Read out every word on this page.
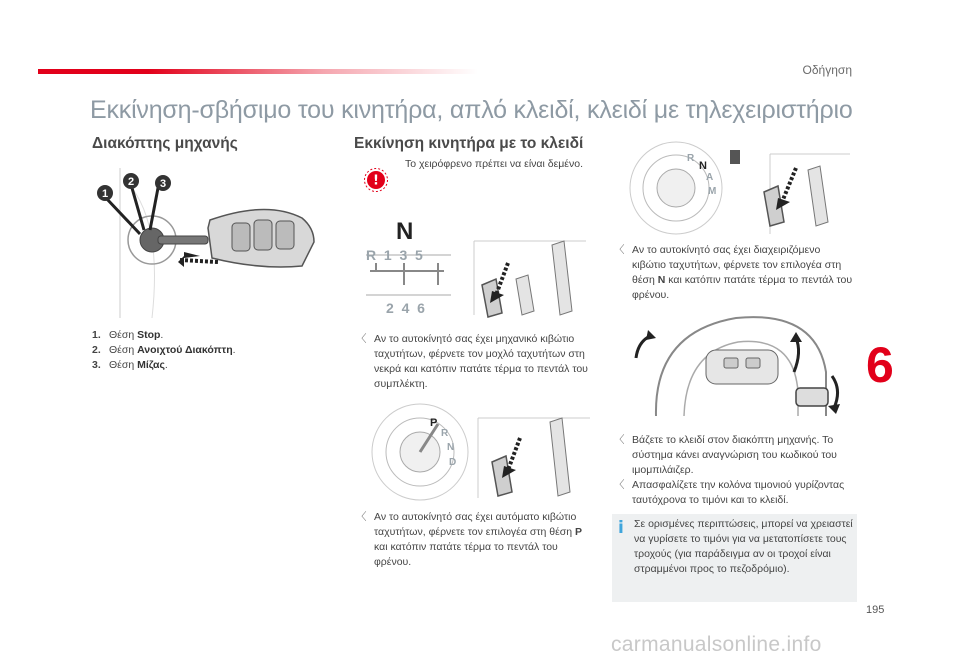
Οδήγηση
Εκκίνηση-σβήσιμο του κινητήρα, απλό κλειδί, κλειδί με τηλεχειριστήριο
Διακόπτης μηχανής	Εκκίνηση κινητήρα με το κλειδί
1
2 3
1. Θέση Stop.
2. Θέση Ανοιχτού Διακόπτη.
3. Θέση Μίζας.
!
Το χειρόφρενο πρέπει να είναι δεμένο.
N
R  1  3  5
2  4  6
〈 Αν το αυτοκίνητό σας έχει μηχανικό κιβώτιο ταχυτήτων, φέρνετε τον μοχλό ταχυτήτων στη νεκρά και κατόπιν πατάτε τέρμα το πεντάλ του συμπλέκτη.

P
R
N
D
〈 Αν το αυτοκίνητό σας έχει αυτόματο κιβώτιο ταχυτήτων, φέρνετε τον επιλογέα στη θέση P και κατόπιν πατάτε τέρμα το πεντάλ του φρένου.

R
N
A
M
〈 Αν το αυτοκίνητό σας έχει διαχειριζόμενο κιβώτιο ταχυτήτων, φέρνετε τον επιλογέα στη θέση N και κατόπιν πατάτε τέρμα το πεντάλ του φρένου.

〈 Βάζετε το κλειδί στον διακόπτη μηχανής. Το σύστημα κάνει αναγνώριση του κωδικού του ιμομπιλάιζερ.

〈 Απασφαλίζετε την κολόνα τιμονιού γυρίζοντας ταυτόχρονα το τιμόνι και το κλειδί.

i Σε ορισμένες περιπτώσεις, μπορεί να χρειαστεί να γυρίσετε το τιμόνι για να μετατοπίσετε τους τροχούς (για παράδειγμα αν οι τροχοί είναι στραμμένοι προς το πεζοδρόμιο).
6
195
carmanualsonline.info
